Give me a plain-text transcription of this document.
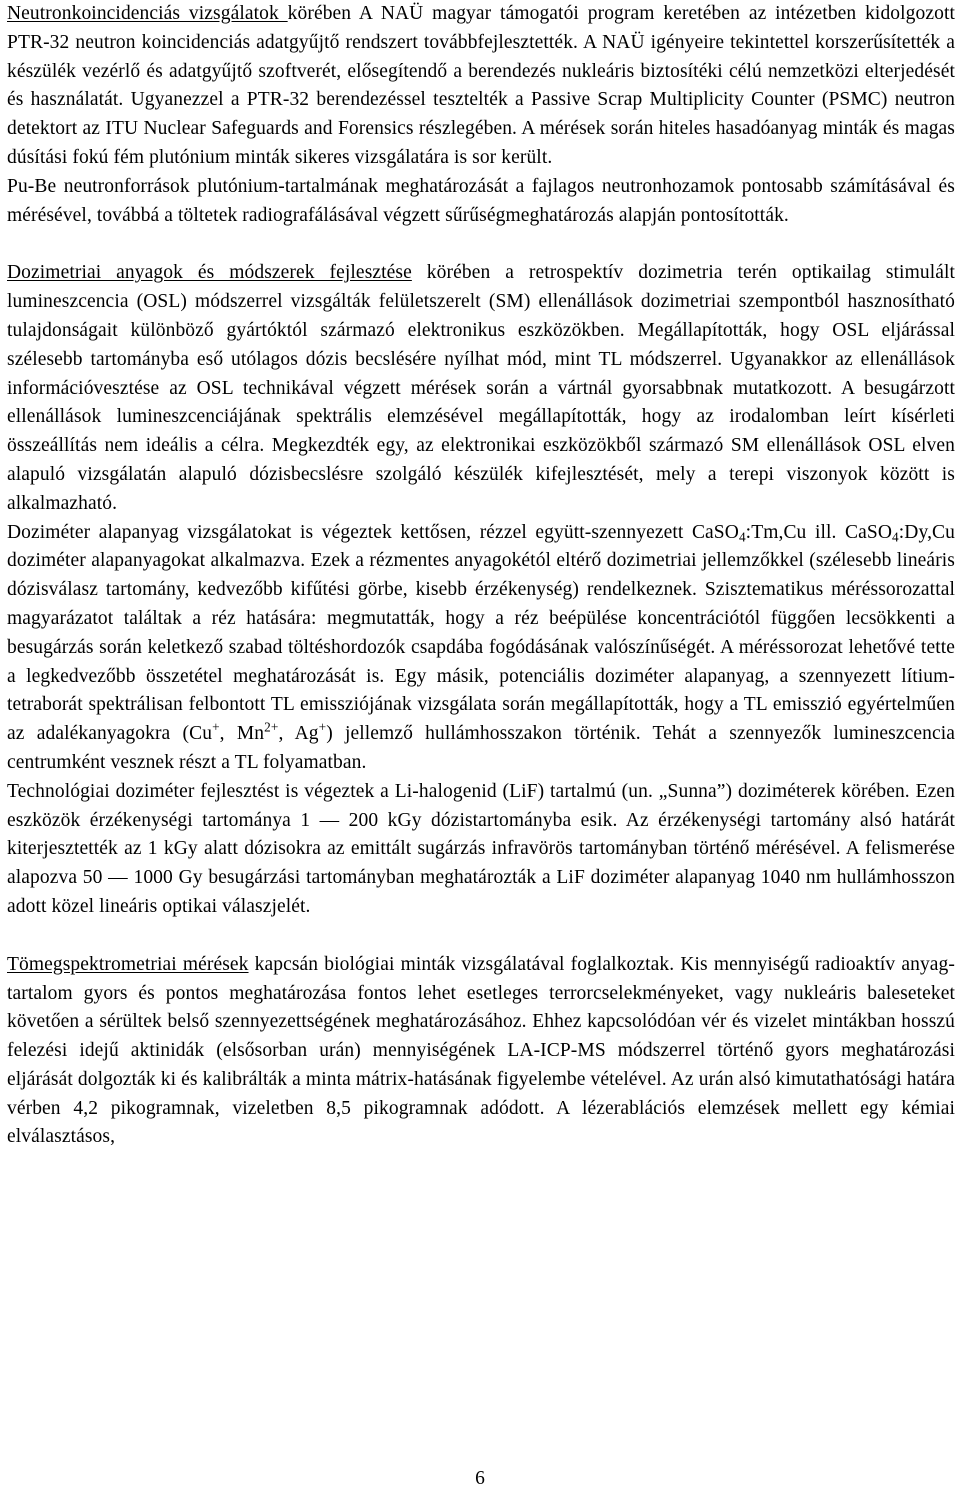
Neutronkoincidenciás vizsgálatok körében A NAÜ magyar támogatói program keretében az intézetben kidolgozott PTR-32 neutron koincidenciás adatgyűjtő rendszert továbbfejlesztették. A NAÜ igényeire tekintettel korszerűsítették a készülék vezérlő és adatgyűjtő szoftverét, elősegítendő a berendezés nukleáris biztosítéki célú nemzetközi elterjedését és használatát. Ugyanezzel a PTR-32 berendezéssel tesztelték a Passive Scrap Multiplicity Counter (PSMC) neutron detektort az ITU Nuclear Safeguards and Forensics részlegében. A mérések során hiteles hasadóanyag minták és magas dúsítási fokú fém plutónium minták sikeres vizsgálatára is sor került.

Pu-Be neutronforrások plutónium-tartalmának meghatározását a fajlagos neutronhozamok pontosabb számításával és mérésével, továbbá a töltetek radiografálásával végzett sűrűségmeghatározás alapján pontosították.

Dozimetriai anyagok és módszerek fejlesztése körében a retrospektív dozimetria terén optikailag stimulált lumineszcencia (OSL) módszerrel vizsgálták felületszerelt (SM) ellenállások dozimetriai szempontból hasznosítható tulajdonságait különböző gyártóktól származó elektronikus eszközökben. Megállapították, hogy OSL eljárással szélesebb tartományba eső utólagos dózis becslésére nyílhat mód, mint TL módszerrel. Ugyanakkor az ellenállások információvesztése az OSL technikával végzett mérések során a vártnál gyorsabbnak mutatkozott. A besugárzott ellenállások lumineszcenciájának spektrális elemzésével megállapították, hogy az irodalomban leírt kísérleti összeállítás nem ideális a célra. Megkezdték egy, az elektronikai eszközökből származó SM ellenállások OSL elven alapuló vizsgálatán alapuló dózisbecslésre szolgáló készülék kifejlesztését, mely a terepi viszonyok között is alkalmazható.

Doziméter alapanyag vizsgálatokat is végeztek kettősen, rézzel együtt-szennyezett CaSO$_4$:Tm,Cu ill. CaSO$_4$:Dy,Cu doziméter alapanyagokat alkalmazva. Ezek a rézmentes anyagokétól eltérő dozimetriai jellemzőkkel (szélesebb lineáris dózisválasz tartomány, kedvezőbb kifűtési görbe, kisebb érzékenység) rendelkeznek. Szisztematikus méréssorozattal magyarázatot találtak a réz hatására: megmutatták, hogy a réz beépülése koncentrációtól függően lecsökkenti a besugárzás során keletkező szabad töltéshordozók csapdába fogódásának valószínűségét. A méréssorozat lehetővé tette a legkedvezőbb összetétel meghatározását is. Egy másik, potenciális doziméter alapanyag, a szennyezett lítium-tetraborát spektrálisan felbontott TL emissziójának vizsgálata során megállapították, hogy a TL emisszió egyértelműen az adalékanyagokra (Cu+, $Mn^{2+}$, Ag+) jellemző hullámhosszakon történik. Tehát a szennyezők lumineszcencia centrumként vesznek részt a TL folyamatban.

Technológiai doziméter fejlesztést is végeztek a Li-halogenid (LiF) tartalmú (un. „Sunna”) doziméterek körében. Ezen eszközök érzékenységi tartománya 1 — 200 kGy dózistartományba esik. Az érzékenységi tartomány alsó határát kiterjesztették az 1 kGy alatt dózisokra az emittált sugárzás infravörös tartományban történő mérésével. A felismerése alapozva 50 — 1000 Gy besugárzási tartományban meghatározták a LiF doziméter alapanyag 1040 nm hullámhosszon adott közel lineáris optikai válaszjelét.

Tömegspektrometriai mérések kapcsán biológiai minták vizsgálatával foglalkoztak. Kis mennyiségű radioaktív anyag-tartalom gyors és pontos meghatározása fontos lehet esetleges terrorcselekményeket, vagy nukleáris baleseteket követően a sérültek belső szennyezettségének meghatározásához. Ehhez kapcsolódóan vér és vizelet mintákban hosszú felezési idejű aktinidák (elsősorban urán) mennyiségének LA-ICP-MS módszerrel történő gyors meghatározási eljárását dolgozták ki és kalibrálták a minta mátrix-hatásának figyelembe vételével. Az urán alsó kimutathatósági határa vérben 4,2 pikogramnak, vizeletben 8,5 pikogramnak adódott. A lézerablációs elemzések mellett egy kémiai elválasztásos,

6
